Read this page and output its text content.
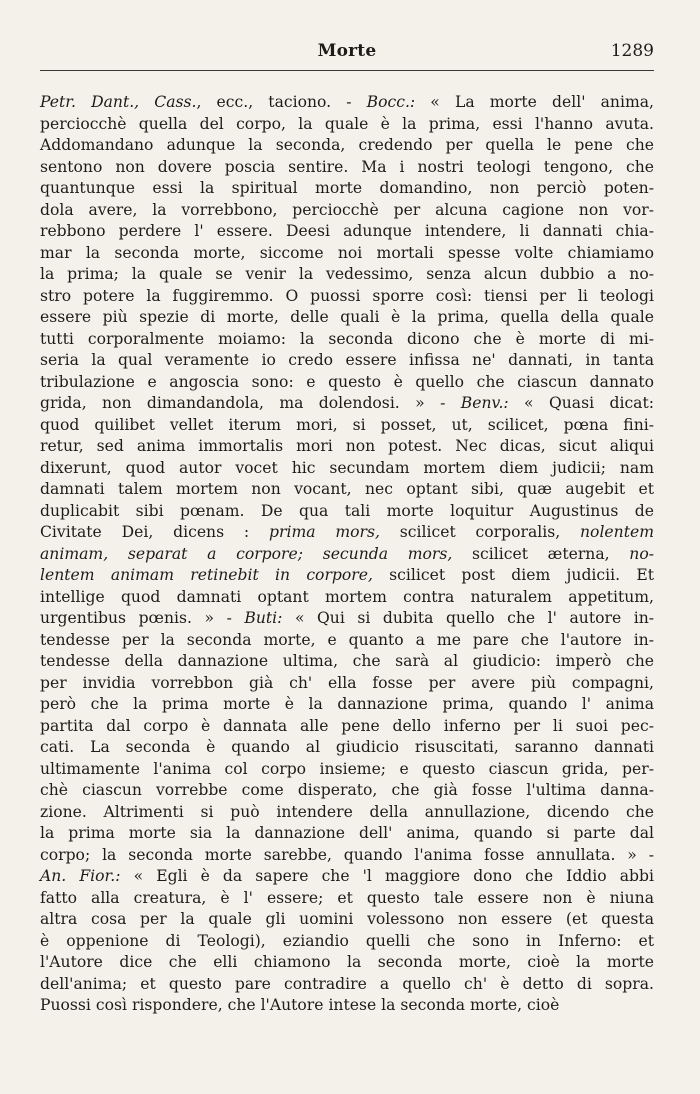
Morte	1289
Petr. Dant., Cass., ecc., taciono. - Bocc.: « La morte dell' anima,
perciocchè quella del corpo, la quale è la prima, essi l'hanno avuta.
Addomandano adunque la seconda, credendo per quella le pene che
sentono non dovere poscia sentire. Ma i nostri teologi tengono, che
quantunque essi la spiritual morte domandino, non perciò poten-
dola avere, la vorrebbono, perciocchè per alcuna cagione non vor-
rebbono perdere l' essere. Deesi adunque intendere, li dannati chia-
mar la seconda morte, siccome noi mortali spesse volte chiamiamo
la prima; la quale se venir la vedessimo, senza alcun dubbio a no-
stro potere la fuggiremmo. O puossi sporre così: tiensi per li teologi
essere più spezie di morte, delle quali è la prima, quella della quale
tutti corporalmente moiamo: la seconda dicono che è morte di mi-
seria la qual veramente io credo essere infissa ne' dannati, in tanta
tribulazione e angoscia sono: e questo è quello che ciascun dannato
grida, non dimandandola, ma dolendosi. » - Benv.: « Quasi dicat:
quod quilibet vellet iterum mori, si posset, ut, scilicet, pœna fini-
retur, sed anima immortalis mori non potest. Nec dicas, sicut aliqui
dixerunt, quod autor vocet hic secundam mortem diem judicii; nam
damnati talem mortem non vocant, nec optant sibi, quæ augebit et
duplicabit sibi pœnam. De qua tali morte loquitur Augustinus de
Civitate Dei, dicens : prima mors, scilicet corporalis, nolentem
animam, separat a corpore; secunda mors, scilicet æterna, no-
lentem animam retinebit in corpore, scilicet post diem judicii. Et
intellige quod damnati optant mortem contra naturalem appetitum,
urgentibus pœnis. » - Buti: « Qui si dubita quello che l' autore in-
tendesse per la seconda morte, e quanto a me pare che l'autore in-
tendesse della dannazione ultima, che sarà al giudicio: imperò che
per invidia vorrebbon già ch' ella fosse per avere più compagni,
però che la prima morte è la dannazione prima, quando l' anima
partita dal corpo è dannata alle pene dello inferno per li suoi pec-
cati. La seconda è quando al giudicio risuscitati, saranno dannati
ultimamente l'anima col corpo insieme; e questo ciascun grida, per-
chè ciascun vorrebbe come disperato, che già fosse l'ultima danna-
zione. Altrimenti si può intendere della annullazione, dicendo che
la prima morte sia la dannazione dell' anima, quando si parte dal
corpo; la seconda morte sarebbe, quando l'anima fosse annullata. » -
An. Fior.: « Egli è da sapere che 'l maggiore dono che Iddio abbi
fatto alla creatura, è l' essere; et questo tale essere non è niuna
altra cosa per la quale gli uomini volessono non essere (et questa
è oppenione di Teologi), eziandio quelli che sono in Inferno: et
l'Autore dice che elli chiamono la seconda morte, cioè la morte
dell'anima; et questo pare contradire a quello ch' è detto di sopra.
Puossi così rispondere, che l'Autore intese la seconda morte, cioè
